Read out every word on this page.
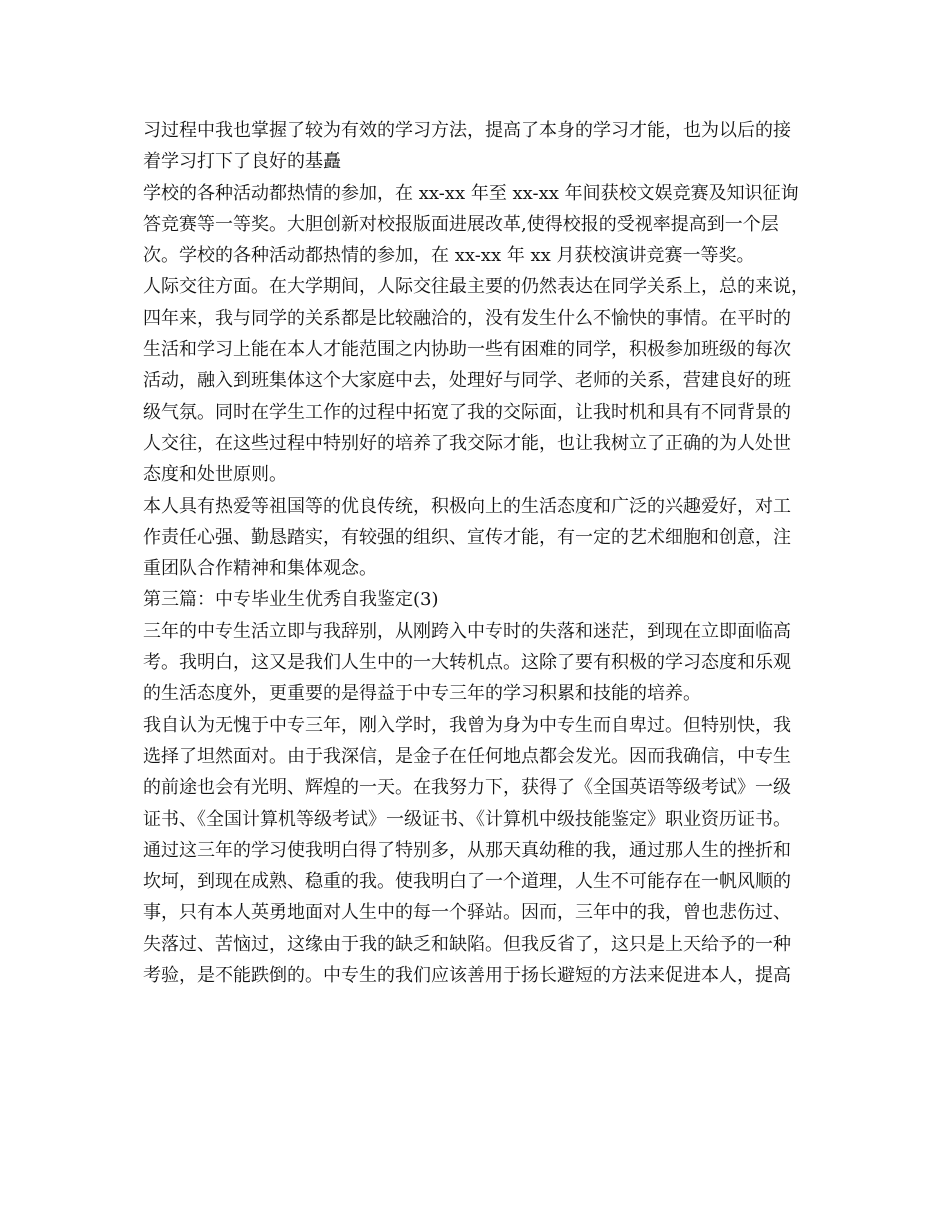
习过程中我也掌握了较为有效的学习方法，提高了本身的学习才能，也为以后的接
着学习打下了良好的基矗
学校的各种活动都热情的参加，在 xx-xx 年至 xx-xx 年间获校文娱竞赛及知识征询
答竞赛等一等奖。大胆创新对校报版面进展改革,使得校报的受视率提高到一个层
次。学校的各种活动都热情的参加，在 xx-xx 年 xx 月获校演讲竞赛一等奖。
人际交往方面。在大学期间，人际交往最主要的仍然表达在同学关系上，总的来说，
四年来，我与同学的关系都是比较融洽的，没有发生什么不愉快的事情。在平时的
生活和学习上能在本人才能范围之内协助一些有困难的同学，积极参加班级的每次
活动，融入到班集体这个大家庭中去，处理好与同学、老师的关系，营建良好的班
级气氛。同时在学生工作的过程中拓宽了我的交际面，让我时机和具有不同背景的
人交往，在这些过程中特别好的培养了我交际才能，也让我树立了正确的为人处世
态度和处世原则。
本人具有热爱等祖国等的优良传统，积极向上的生活态度和广泛的兴趣爱好，对工
作责任心强、勤恳踏实，有较强的组织、宣传才能，有一定的艺术细胞和创意，注
重团队合作精神和集体观念。
第三篇：中专毕业生优秀自我鉴定(3)
三年的中专生活立即与我辞别，从刚跨入中专时的失落和迷茫，到现在立即面临高
考。我明白，这又是我们人生中的一大转机点。这除了要有积极的学习态度和乐观
的生活态度外，更重要的是得益于中专三年的学习积累和技能的培养。
我自认为无愧于中专三年，刚入学时，我曾为身为中专生而自卑过。但特别快，我
选择了坦然面对。由于我深信，是金子在任何地点都会发光。因而我确信，中专生
的前途也会有光明、辉煌的一天。在我努力下，获得了《全国英语等级考试》一级
证书、《全国计算机等级考试》一级证书、《计算机中级技能鉴定》职业资历证书。
通过这三年的学习使我明白得了特别多，从那天真幼稚的我，通过那人生的挫折和
坎坷，到现在成熟、稳重的我。使我明白了一个道理，人生不可能存在一帆风顺的
事，只有本人英勇地面对人生中的每一个驿站。因而，三年中的我，曾也悲伤过、
失落过、苦恼过，这缘由于我的缺乏和缺陷。但我反省了，这只是上天给予的一种
考验，是不能跌倒的。中专生的我们应该善用于扬长避短的方法来促进本人，提高
